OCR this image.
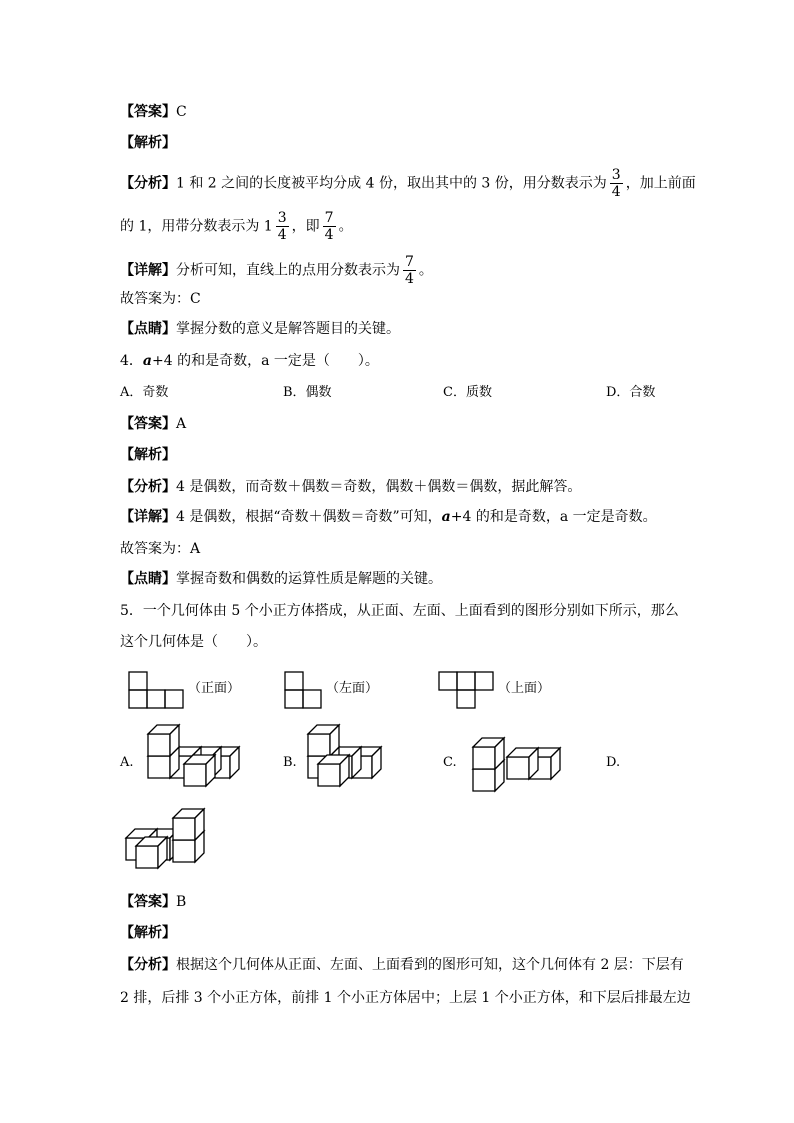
【答案】C
【解析】
【分析】1 和 2 之间的长度被平均分成 4 份，取出其中的 3 份，用分数表示为 $\frac{3}{4}$ ，加上前面
的 1，用带分数表示为 $1 \frac{3}{4}$ ，即 $\frac{7}{4}$ 。
【详解】分析可知，直线上的点用分数表示为 $\frac{7}{4}$ 。
故答案为：C
【点睛】掌握分数的意义是解答题目的关键。
4．a+4 的和是奇数，a 一定是（　　）。
A．奇数	B．偶数	C．质数	D．合数
【答案】A
【解析】
【分析】4 是偶数，而奇数＋偶数＝奇数，偶数＋偶数＝偶数，据此解答。
【详解】4 是偶数，根据“奇数＋偶数＝奇数”可知，a+4 的和是奇数，a 一定是奇数。
故答案为：A
【点睛】掌握奇数和偶数的运算性质是解题的关键。
5．一个几何体由 5 个小正方体搭成，从正面、左面、上面看到的图形分别如下所示，那么
这个几何体是（　　）。
（正面）	（左面）	（上面）
A.	B.	C.	D.
【答案】B
【解析】
【分析】根据这个几何体从正面、左面、上面看到的图形可知，这个几何体有 2 层：下层有
2 排，后排 3 个小正方体，前排 1 个小正方体居中；上层 1 个小正方体，和下层后排最左边
